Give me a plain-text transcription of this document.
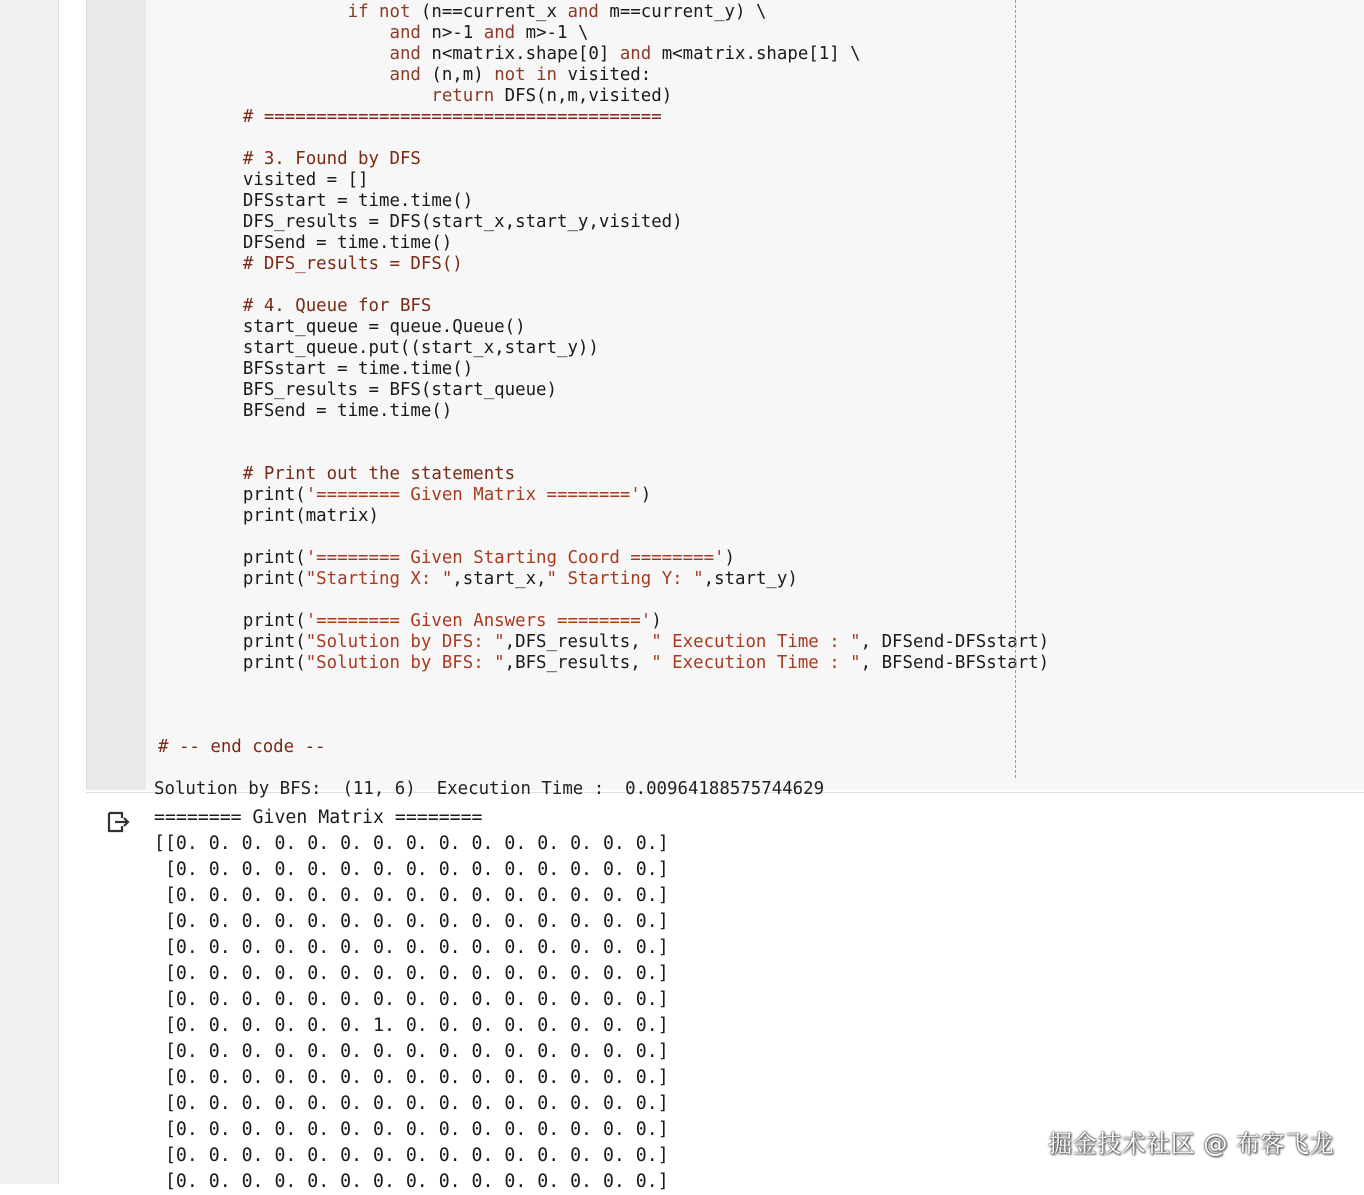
if not (n==current_x and m==current_y) \
and n>-1 and m>-1 \
and n<matrix.shape[0] and m<matrix.shape[1] \
and (n,m) not in visited:
return DFS(n,m,visited)
# ======================================
# 3. Found by DFS
visited = []
DFSstart = time.time()
DFS_results = DFS(start_x,start_y,visited)
DFSend = time.time()
# DFS_results = DFS()
# 4. Queue for BFS
start_queue = queue.Queue()
start_queue.put((start_x,start_y))
BFSstart = time.time()
BFS_results = BFS(start_queue)
BFSend = time.time()
# Print out the statements
print('======== Given Matrix ========')
print(matrix)
print('======== Given Starting Coord ========')
print("Starting X: ",start_x," Starting Y: ",start_y)
print('======== Given Answers ========')
print("Solution by DFS: ",DFS_results, " Execution Time : ", DFSend-DFSstart)
print("Solution by BFS: ",BFS_results, " Execution Time : ", BFSend-BFSstart)
# -- end code --
Solution by BFS:  (11, 6)  Execution Time :  0.00964188575744629
======== Given Matrix ========
[[0. 0. 0. 0. 0. 0. 0. 0. 0. 0. 0. 0. 0. 0. 0.]
[0. 0. 0. 0. 0. 0. 0. 0. 0. 0. 0. 0. 0. 0. 0.]
[0. 0. 0. 0. 0. 0. 0. 0. 0. 0. 0. 0. 0. 0. 0.]
[0. 0. 0. 0. 0. 0. 0. 0. 0. 0. 0. 0. 0. 0. 0.]
[0. 0. 0. 0. 0. 0. 0. 0. 0. 0. 0. 0. 0. 0. 0.]
[0. 0. 0. 0. 0. 0. 0. 0. 0. 0. 0. 0. 0. 0. 0.]
[0. 0. 0. 0. 0. 0. 0. 0. 0. 0. 0. 0. 0. 0. 0.]
[0. 0. 0. 0. 0. 0. 1. 0. 0. 0. 0. 0. 0. 0. 0.]
[0. 0. 0. 0. 0. 0. 0. 0. 0. 0. 0. 0. 0. 0. 0.]
[0. 0. 0. 0. 0. 0. 0. 0. 0. 0. 0. 0. 0. 0. 0.]
[0. 0. 0. 0. 0. 0. 0. 0. 0. 0. 0. 0. 0. 0. 0.]
[0. 0. 0. 0. 0. 0. 0. 0. 0. 0. 0. 0. 0. 0. 0.]
[0. 0. 0. 0. 0. 0. 0. 0. 0. 0. 0. 0. 0. 0. 0.]
[0. 0. 0. 0. 0. 0. 0. 0. 0. 0. 0. 0. 0. 0. 0.]
掘金技术社区 @ 布客飞龙
